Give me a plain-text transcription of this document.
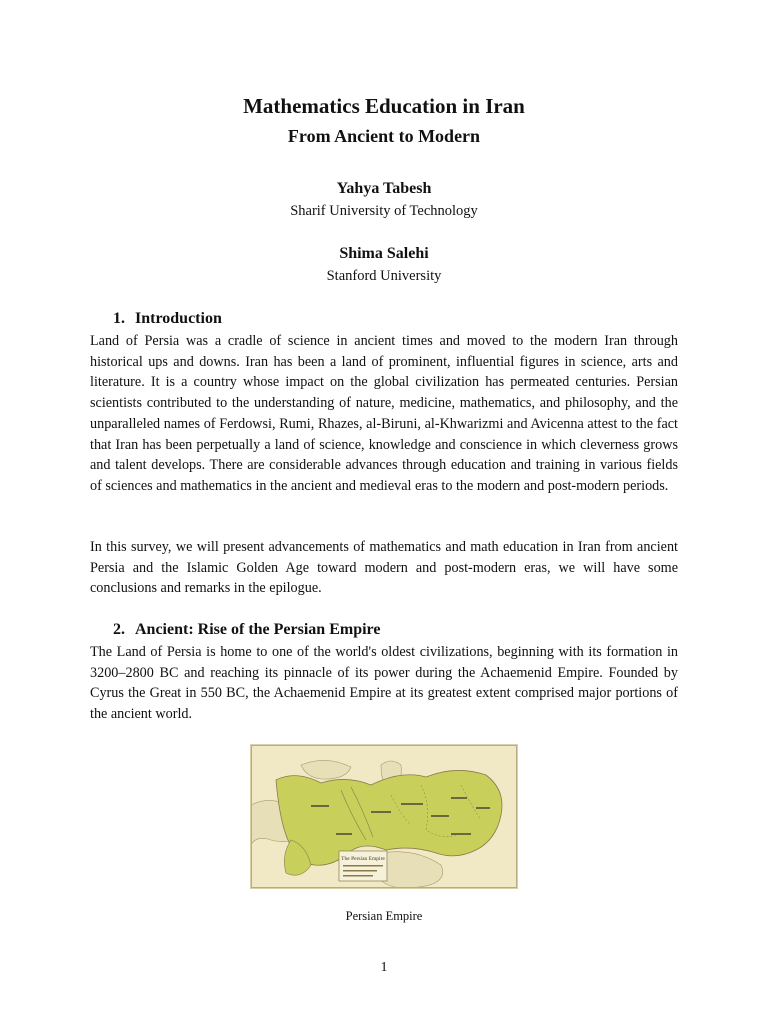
Mathematics Education in Iran
From Ancient to Modern
Yahya Tabesh
Sharif University of Technology
Shima Salehi
Stanford University
1. Introduction
Land of Persia was a cradle of science in ancient times and moved to the modern Iran through historical ups and downs. Iran has been a land of prominent, influential figures in science, arts and literature. It is a country whose impact on the global civilization has permeated centuries. Persian scientists contributed to the understanding of nature, medicine, mathematics, and philosophy, and the unparalleled names of Ferdowsi, Rumi, Rhazes, al-Biruni, al-Khwarizmi and Avicenna attest to the fact that Iran has been perpetually a land of science, knowledge and conscience in which cleverness grows and talent develops. There are considerable advances through education and training in various fields of sciences and mathematics in the ancient and medieval eras to the modern and post-modern periods.
In this survey, we will present advancements of mathematics and math education in Iran from ancient Persia and the Islamic Golden Age toward modern and post-modern eras, we will have some conclusions and remarks in the epilogue.
2. Ancient: Rise of the Persian Empire
The Land of Persia is home to one of the world's oldest civilizations, beginning with its formation in 3200–2800 BC and reaching its pinnacle of its power during the Achaemenid Empire. Founded by Cyrus the Great in 550 BC, the Achaemenid Empire at its greatest extent comprised major portions of the ancient world.
The Persian Empire
Persian Empire
1
